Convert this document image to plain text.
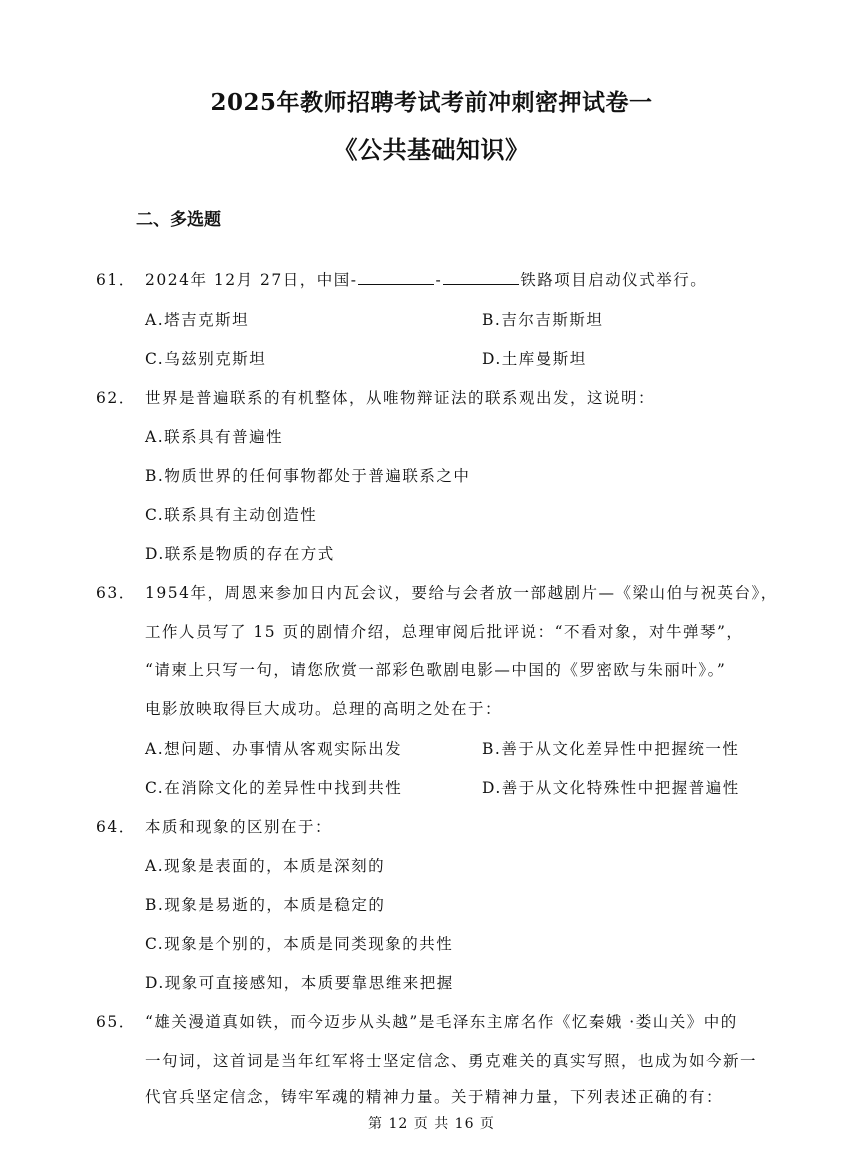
2025年教师招聘考试考前冲刺密押试卷一
《公共基础知识》
二、多选题
61． 2024年 12月 27日，中国-	-	铁路项目启动仪式举行。
A.塔吉克斯坦	B.吉尔吉斯斯坦
C.乌兹别克斯坦	D.土库曼斯坦
62． 世界是普遍联系的有机整体，从唯物辩证法的联系观出发，这说明：
A.联系具有普遍性
B.物质世界的任何事物都处于普遍联系之中
C.联系具有主动创造性
D.联系是物质的存在方式
63． 1954年，周恩来参加日内瓦会议，要给与会者放一部越剧片—《梁山伯与祝英台》，
工作人员写了 15 页的剧情介绍，总理审阅后批评说：“不看对象，对牛弹琴”，
“请柬上只写一句，请您欣赏一部彩色歌剧电影—中国的《罗密欧与朱丽叶》。”
电影放映取得巨大成功。总理的高明之处在于：
A.想问题、办事情从客观实际出发	B.善于从文化差异性中把握统一性
C.在消除文化的差异性中找到共性	D.善于从文化特殊性中把握普遍性
64． 本质和现象的区别在于：
A.现象是表面的，本质是深刻的
B.现象是易逝的，本质是稳定的
C.现象是个别的，本质是同类现象的共性
D.现象可直接感知，本质要靠思维来把握
65． “雄关漫道真如铁，而今迈步从头越”是毛泽东主席名作《忆秦娥 ·娄山关》中的
一句词，这首词是当年红军将士坚定信念、勇克难关的真实写照，也成为如今新一
代官兵坚定信念，铸牢军魂的精神力量。关于精神力量，下列表述正确的有：
第 12 页 共 16 页
